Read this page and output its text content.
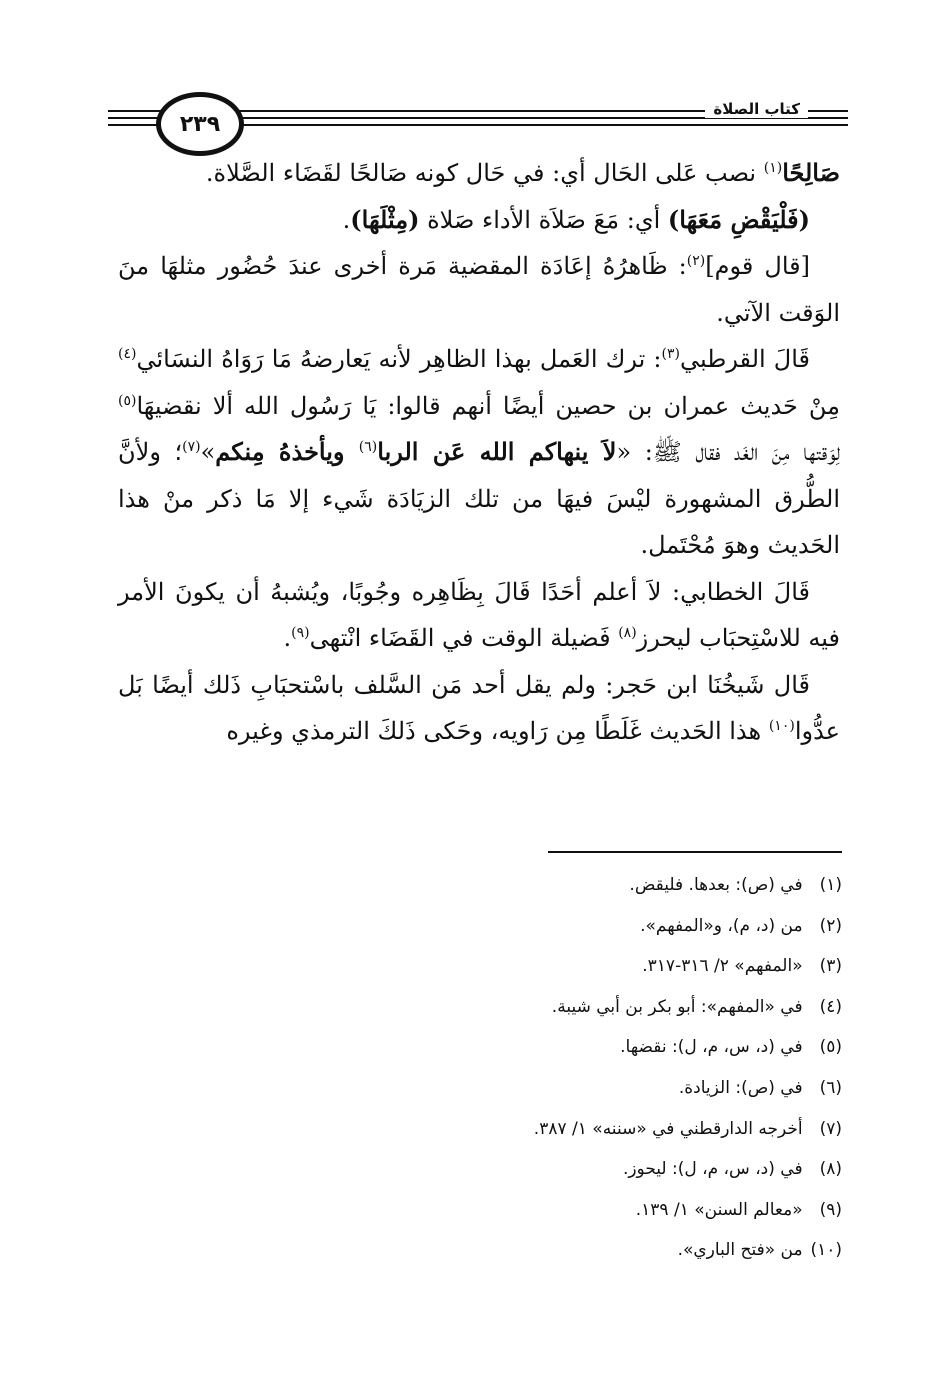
٢٣٩
كتاب الصلاة

صَالِحًا$^{(١)}$ نصب عَلى الحَال أي: في حَال كونه صَالحًا لقَضَاء الصَّلاة.

(فَلْيَقْضِ مَعَهَا) أي: مَعَ صَلاَة الأداء صَلاة (مِثْلَهَا).

[قال قوم]$^{(٢)}$: ظَاهرُهُ إعَادَة المقضية مَرة أخرى عندَ حُضُور مثلهَا منَ الوَقت الآتي.

قَالَ القرطبي$^{(٣)}$: ترك العَمل بهذا الظاهِر لأنه يَعارضهُ مَا رَوَاهُ النسَائي$^{(٤)}$ مِنْ حَديث عمران بن حصين أيضًا أنهم قالوا: يَا رَسُول الله ألا نقضيهَا$^{(٥)}$ لِوَقتها مِنَ الغَد فقال ﷺ: «لاَ ينهاكم الله عَن الربا$^{(٦)}$ ويأخذهُ مِنكم»$^{(٧)}$؛ ولأنَّ الطُّرق المشهورة ليْسَ فيهَا من تلك الزيَادَة شَيء إلا مَا ذكر منْ هذا الحَديث وهوَ مُحْتَمل.

قَالَ الخطابي: لاَ أعلم أحَدًا قَالَ بِظَاهِره وجُوبًا، ويُشبهُ أن يكونَ الأمر فيه للاسْتِحبَاب ليحرز$^{(٨)}$ فَضيلة الوقت في القَضَاء انْتهى$^{(٩)}$.

قَال شَيخُنَا ابن حَجر: ولم يقل أحد مَن السَّلف باسْتحبَابِ ذَلك أيضًا بَل عدُّوا$^{(١٠)}$ هذا الحَديث غَلَطًا مِن رَاويه، وحَكى ذَلكَ الترمذي وغيره

(١) في (ص): بعدها. فليقض.
(٢) من (د، م)، و«المفهم».
(٣) «المفهم» ٢/ ٣١٦-٣١٧.
(٤) في «المفهم»: أبو بكر بن أبي شيبة.
(٥) في (د، س، م، ل): نقضها.
(٦) في (ص): الزيادة.
(٧) أخرجه الدارقطني في «سننه» ١/ ٣٨٧.
(٨) في (د، س، م، ل): ليحوز.
(٩) «معالم السنن» ١/ ١٣٩.
(١٠) من «فتح الباري».
